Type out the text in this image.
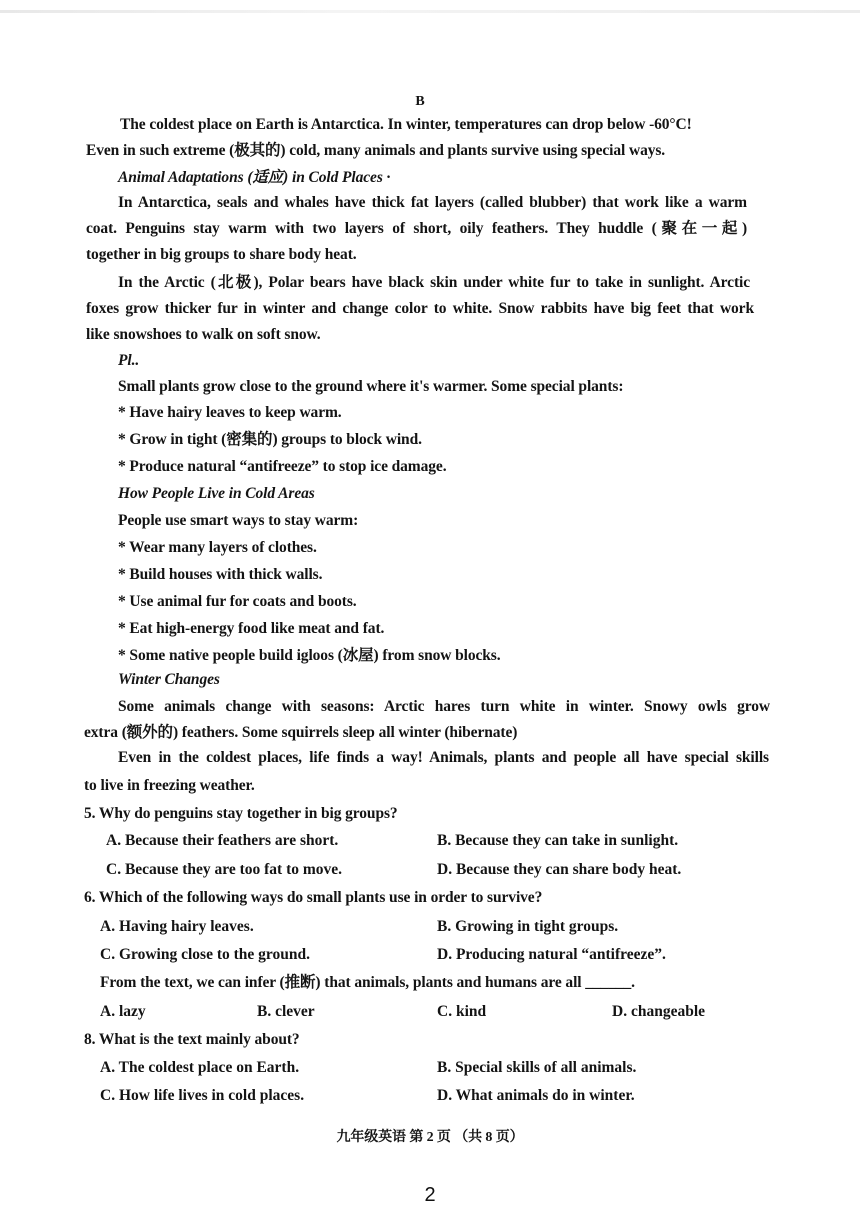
B
The coldest place on Earth is Antarctica. In winter, temperatures can drop below -60°C!
Even in such extreme (极其的) cold, many animals and plants survive using special ways.
Animal Adaptations (适应) in Cold Places ·
In Antarctica, seals and whales have thick fat layers (called blubber) that work like a warm
coat. Penguins stay warm with two layers of short, oily feathers. They huddle (聚在一起)
together in big groups to share body heat.
In the Arctic (北极), Polar bears have black skin under white fur to take in sunlight. Arctic
foxes grow thicker fur in winter and change color to white. Snow rabbits have big feet that work
like snowshoes to walk on soft snow.
Pl..
Small plants grow close to the ground where it's warmer. Some special plants:
* Have hairy leaves to keep warm.
* Grow in tight (密集的) groups to block wind.
* Produce natural “antifreeze” to stop ice damage.
How People Live in Cold Areas
People use smart ways to stay warm:
* Wear many layers of clothes.
* Build houses with thick walls.
* Use animal fur for coats and boots.
* Eat high-energy food like meat and fat.
* Some native people build igloos (冰屋) from snow blocks.
Winter Changes
Some animals change with seasons: Arctic hares turn white in winter. Snowy owls grow
extra (额外的) feathers. Some squirrels sleep all winter (hibernate)
Even in the coldest places, life finds a way! Animals, plants and people all have special skills
to live in freezing weather.
5. Why do penguins stay together in big groups?
A. Because their feathers are short.	B. Because they can take in sunlight.
C. Because they are too fat to move.	D. Because they can share body heat.
6. Which of the following ways do small plants use in order to survive?
A. Having hairy leaves.	B. Growing in tight groups.
C. Growing close to the ground.	D. Producing natural “antifreeze”.
From the text, we can infer (推断) that animals, plants and humans are all ______.
A. lazy	B. clever	C. kind	D. changeable
8. What is the text mainly about?
A. The coldest place on Earth.	B. Special skills of all animals.
C. How life lives in cold places.	D. What animals do in winter.
九年级英语 第 2 页 （共 8 页）
2
